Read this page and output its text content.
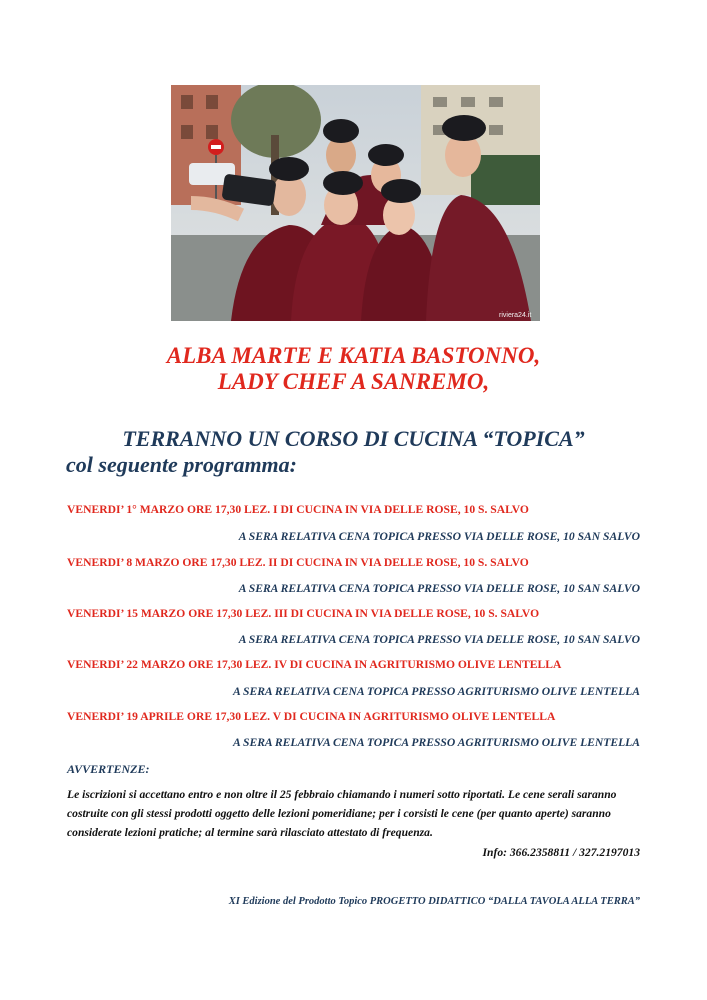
riviera24.it
ALBA MARTE E KATIA BASTONNO,
LADY CHEF A SANREMO,
TERRANNO UN CORSO DI CUCINA “TOPICA”
col seguente programma:
VENERDI’ 1° MARZO ORE 17,30 LEZ. I DI CUCINA IN VIA DELLE ROSE, 10 S. SALVO
A SERA RELATIVA CENA TOPICA PRESSO VIA DELLE ROSE, 10 SAN SALVO
VENERDI’ 8 MARZO ORE 17,30 LEZ. II DI CUCINA IN VIA DELLE ROSE, 10 S. SALVO
A SERA RELATIVA CENA TOPICA PRESSO VIA DELLE ROSE, 10 SAN SALVO
VENERDI’ 15 MARZO ORE 17,30 LEZ. III DI CUCINA IN VIA DELLE ROSE, 10 S. SALVO
A SERA RELATIVA CENA TOPICA PRESSO VIA DELLE ROSE, 10 SAN SALVO
VENERDI’ 22 MARZO ORE 17,30 LEZ. IV DI CUCINA IN AGRITURISMO OLIVE LENTELLA
A SERA RELATIVA CENA TOPICA PRESSO AGRITURISMO OLIVE LENTELLA
VENERDI’ 19 APRILE ORE 17,30 LEZ. V DI CUCINA IN AGRITURISMO OLIVE LENTELLA
A SERA RELATIVA CENA TOPICA PRESSO AGRITURISMO OLIVE LENTELLA
AVVERTENZE:
Le iscrizioni si accettano entro e non oltre il 25 febbraio chiamando i numeri sotto riportati. Le cene serali saranno costruite con gli stessi prodotti oggetto delle lezioni pomeridiane; per i corsisti le cene (per quanto aperte) saranno considerate lezioni pratiche; al termine sarà rilasciato attestato di frequenza.
Info: 366.2358811 / 327.2197013
XI Edizione del Prodotto Topico PROGETTO DIDATTICO “DALLA TAVOLA ALLA TERRA”
